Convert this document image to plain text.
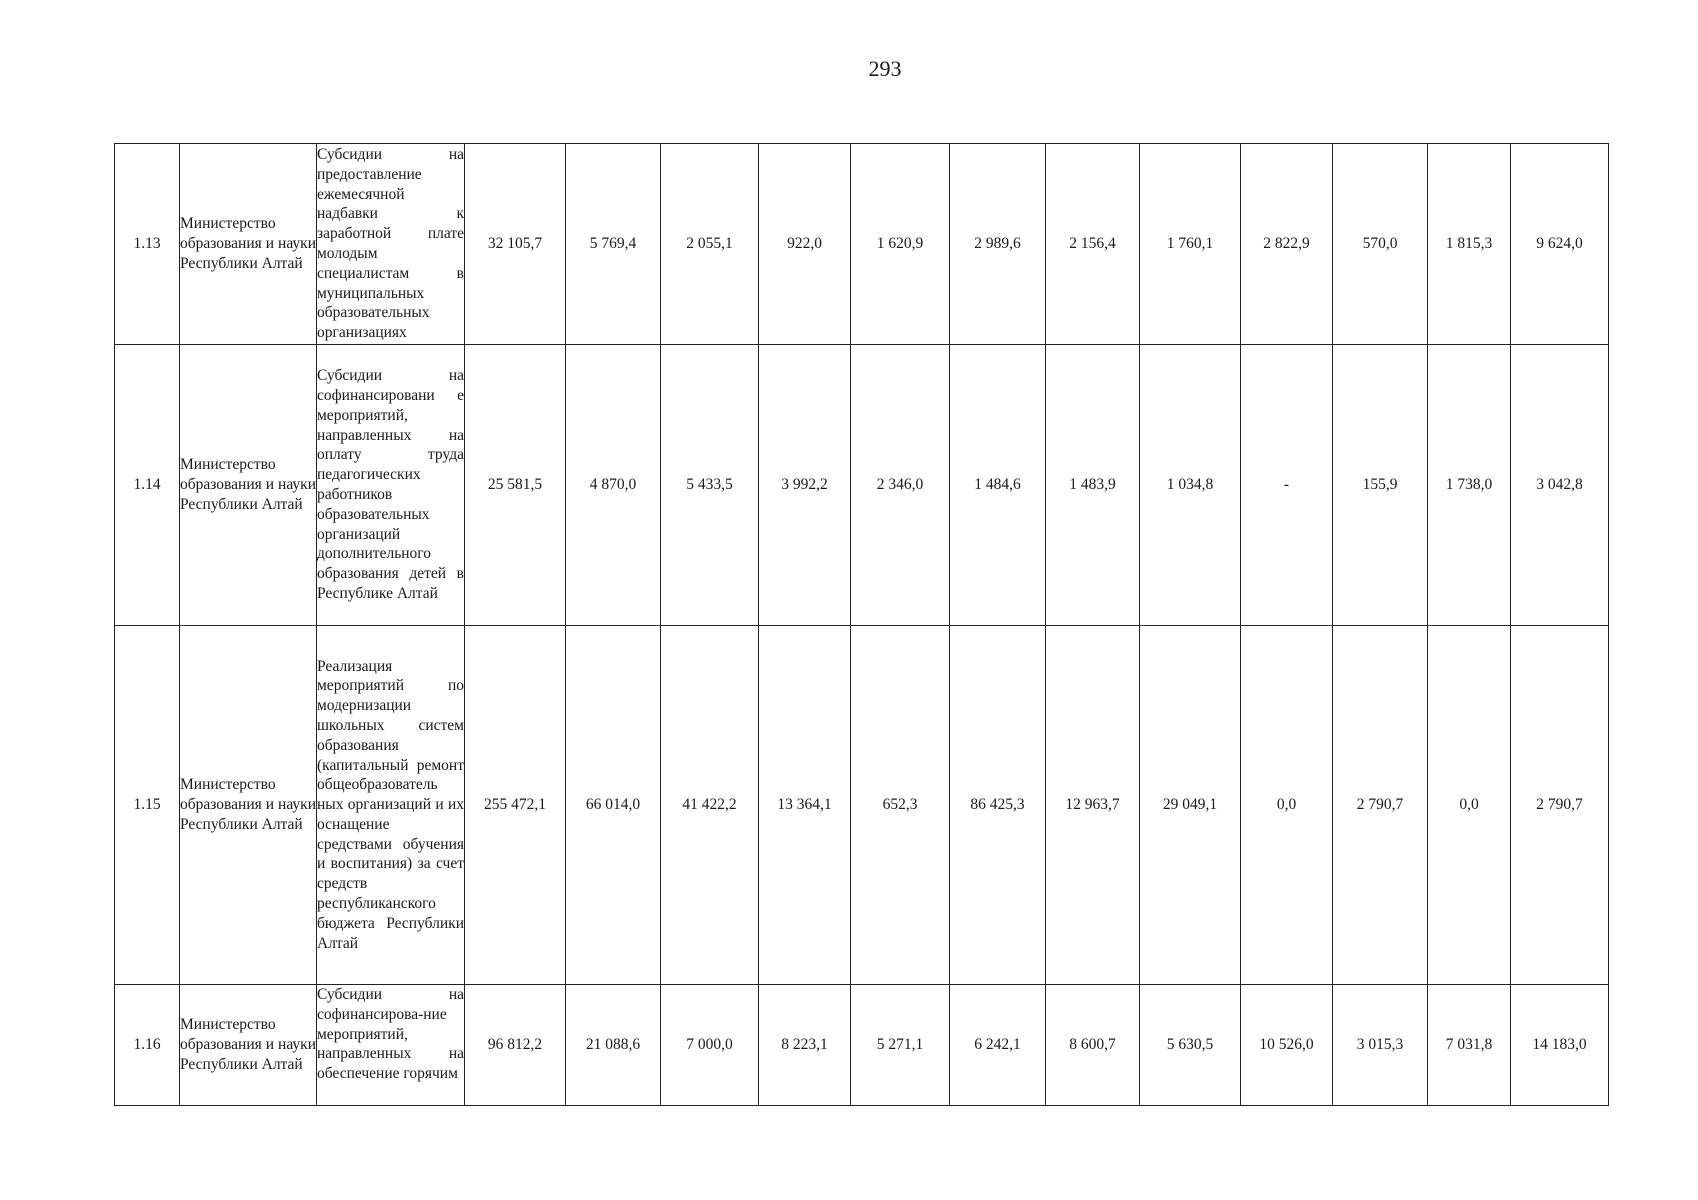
293
1.13	Министерство образования и науки Республики Алтай	Субсидии на предоставление ежемесячной надбавки к заработной плате молодым специалистам в муниципальных образовательных организациях	32 105,7	5 769,4	2 055,1	922,0	1 620,9	2 989,6	2 156,4	1 760,1	2 822,9	570,0	1 815,3	9 624,0
1.14	Министерство образования и науки Республики Алтай	Субсидии на софинансировани е мероприятий, направленных на оплату труда педагогических работников образовательных организаций дополнительного образования детей в Республике Алтай	25 581,5	4 870,0	5 433,5	3 992,2	2 346,0	1 484,6	1 483,9	1 034,8	-	155,9	1 738,0	3 042,8
1.15	Министерство образования и науки Республики Алтай	Реализация мероприятий по модернизации школьных систем образования (капитальный ремонт общеобразователь ных организаций и их оснащение средствами обучения и воспитания) за счет средств республиканского бюджета Республики Алтай	255 472,1	66 014,0	41 422,2	13 364,1	652,3	86 425,3	12 963,7	29 049,1	0,0	2 790,7	0,0	2 790,7
1.16	Министерство образования и науки Республики Алтай	Субсидии на софинансирова-ние мероприятий, направленных на обеспечение горячим	96 812,2	21 088,6	7 000,0	8 223,1	5 271,1	6 242,1	8 600,7	5 630,5	10 526,0	3 015,3	7 031,8	14 183,0
